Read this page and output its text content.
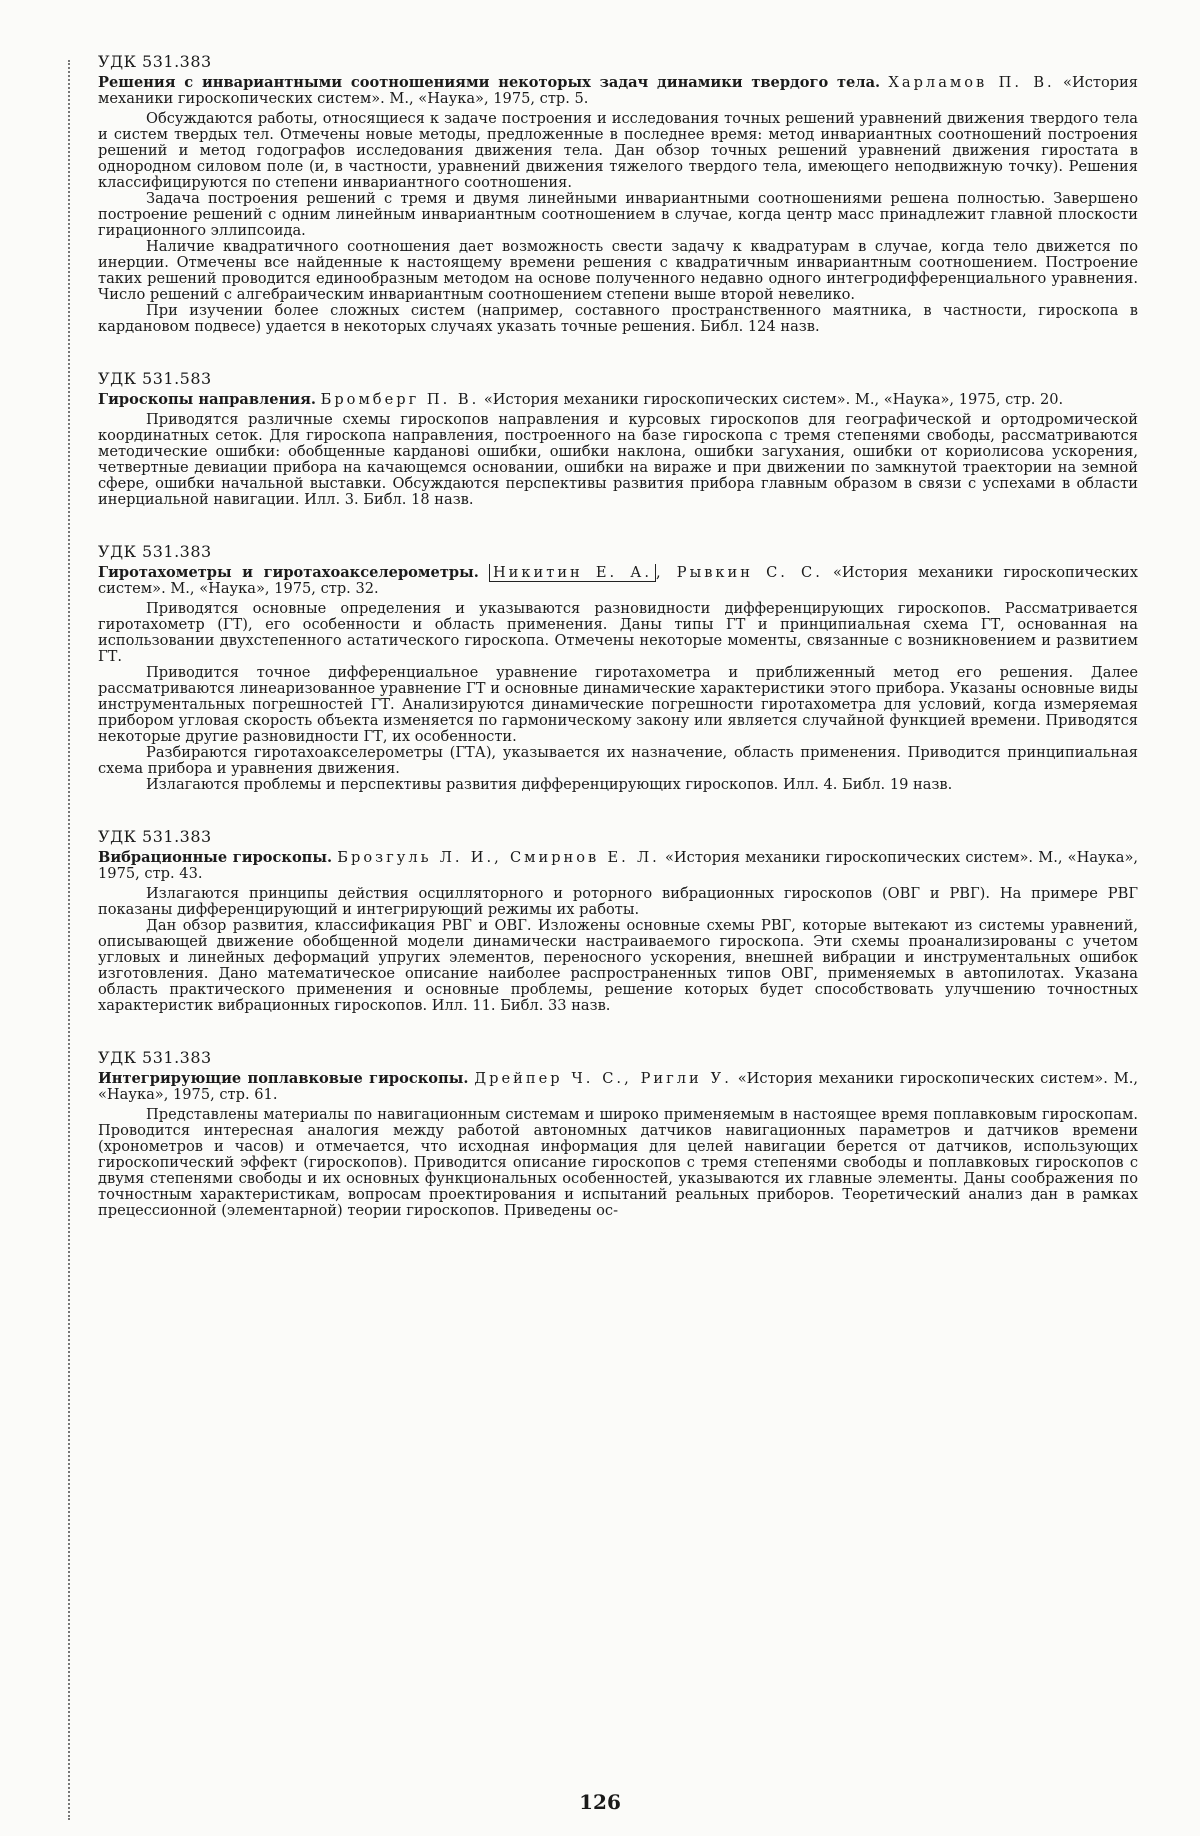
УДК 531.383

Решения с инвариантными соотношениями некоторых задач динамики твердого тела. Харламов П. В. «История механики гироскопических систем». М., «Наука», 1975, стр. 5.

Обсуждаются работы, относящиеся к задаче построения и исследования точных решений уравнений движения твердого тела и систем твердых тел. Отмечены новые методы, предложенные в последнее время: метод инвариантных соотношений построения решений и метод годографов исследования движения тела. Дан обзор точных решений уравнений движения гиростата в однородном силовом поле (и, в частности, уравнений движения тяжелого твердого тела, имеющего неподвижную точку). Решения классифицируются по степени инвариантного соотношения.

Задача построения решений с тремя и двумя линейными инвариантными соотношениями решена полностью. Завершено построение решений с одним линейным инвариантным соотношением в случае, когда центр масс принадлежит главной плоскости гирационного эллипсоида.

Наличие квадратичного соотношения дает возможность свести задачу к квадратурам в случае, когда тело движется по инерции. Отмечены все найденные к настоящему времени решения с квадратичным инвариантным соотношением. Построение таких решений проводится единообразным методом на основе полученного недавно одного интегродифференциального уравнения. Число решений с алгебраическим инвариантным соотношением степени выше второй невелико.

При изучении более сложных систем (например, составного пространственного маятника, в частности, гироскопа в кардановом подвесе) удается в некоторых случаях указать точные решения. Библ. 124 назв.

УДК 531.583

Гироскопы направления. Бромберг П. В. «История механики гироскопических систем». М., «Наука», 1975, стр. 20.

Приводятся различные схемы гироскопов направления и курсовых гироскопов для географической и ортодромической координатных сеток. Для гироскопа направления, построенного на базе гироскопа с тремя степенями свободы, рассматриваются методические ошибки: обобщенные карданові ошибки, ошибки наклона, ошибки загухания, ошибки от кориолисова ускорения, четвертные девиации прибора на качающемся основании, ошибки на вираже и при движении по замкнутой траектории на земной сфере, ошибки начальной выставки. Обсуждаются перспективы развития прибора главным образом в связи с успехами в области инерциальной навигации. Илл. 3. Библ. 18 назв.

УДК 531.383

Гиротахометры и гиротахоакселерометры. Никитин Е. А. , Рывкин С. С. «История механики гироскопических систем». М., «Наука», 1975, стр. 32.

Приводятся основные определения и указываются разновидности дифференцирующих гироскопов. Рассматривается гиротахометр (ГТ), его особенности и область применения. Даны типы ГТ и принципиальная схема ГТ, основанная на использовании двухстепенного астатического гироскопа. Отмечены некоторые моменты, связанные с возникновением и развитием ГТ.

Приводится точное дифференциальное уравнение гиротахометра и приближенный метод его решения. Далее рассматриваются линеаризованное уравнение ГТ и основные динамические характеристики этого прибора. Указаны основные виды инструментальных погрешностей ГТ. Анализируются динамические погрешности гиротахометра для условий, когда измеряемая прибором угловая скорость объекта изменяется по гармоническому закону или является случайной функцией времени. Приводятся некоторые другие разновидности ГТ, их особенности.

Разбираются гиротахоакселерометры (ГТА), указывается их назначение, область применения. Приводится принципиальная схема прибора и уравнения движения.

Излагаются проблемы и перспективы развития дифференцирующих гироскопов. Илл. 4. Библ. 19 назв.

УДК 531.383

Вибрационные гироскопы. Брозгуль Л. И., Смирнов Е. Л. «История механики гироскопических систем». М., «Наука», 1975, стр. 43.

Излагаются принципы действия осцилляторного и роторного вибрационных гироскопов (ОВГ и РВГ). На примере РВГ показаны дифференцирующий и интегрирующий режимы их работы.

Дан обзор развития, классификация РВГ и ОВГ. Изложены основные схемы РВГ, которые вытекают из системы уравнений, описывающей движение обобщенной модели динамически настраиваемого гироскопа. Эти схемы проанализированы с учетом угловых и линейных деформаций упругих элементов, переносного ускорения, внешней вибрации и инструментальных ошибок изготовления. Дано математическое описание наиболее распространенных типов ОВГ, применяемых в автопилотах. Указана область практического применения и основные проблемы, решение которых будет способствовать улучшению точностных характеристик вибрационных гироскопов. Илл. 11. Библ. 33 назв.

УДК 531.383

Интегрирующие поплавковые гироскопы. Дрейпер Ч. С., Ригли У. «История механики гироскопических систем». М., «Наука», 1975, стр. 61.

Представлены материалы по навигационным системам и широко применяемым в настоящее время поплавковым гироскопам. Проводится интересная аналогия между работой автономных датчиков навигационных параметров и датчиков времени (хронометров и часов) и отмечается, что исходная информация для целей навигации берется от датчиков, использующих гироскопический эффект (гироскопов). Приводится описание гироскопов с тремя степенями свободы и поплавковых гироскопов с двумя степенями свободы и их основных функциональных особенностей, указываются их главные элементы. Даны соображения по точностным характеристикам, вопросам проектирования и испытаний реальных приборов. Теоретический анализ дан в рамках прецессионной (элементарной) теории гироскопов. Приведены ос-

126
